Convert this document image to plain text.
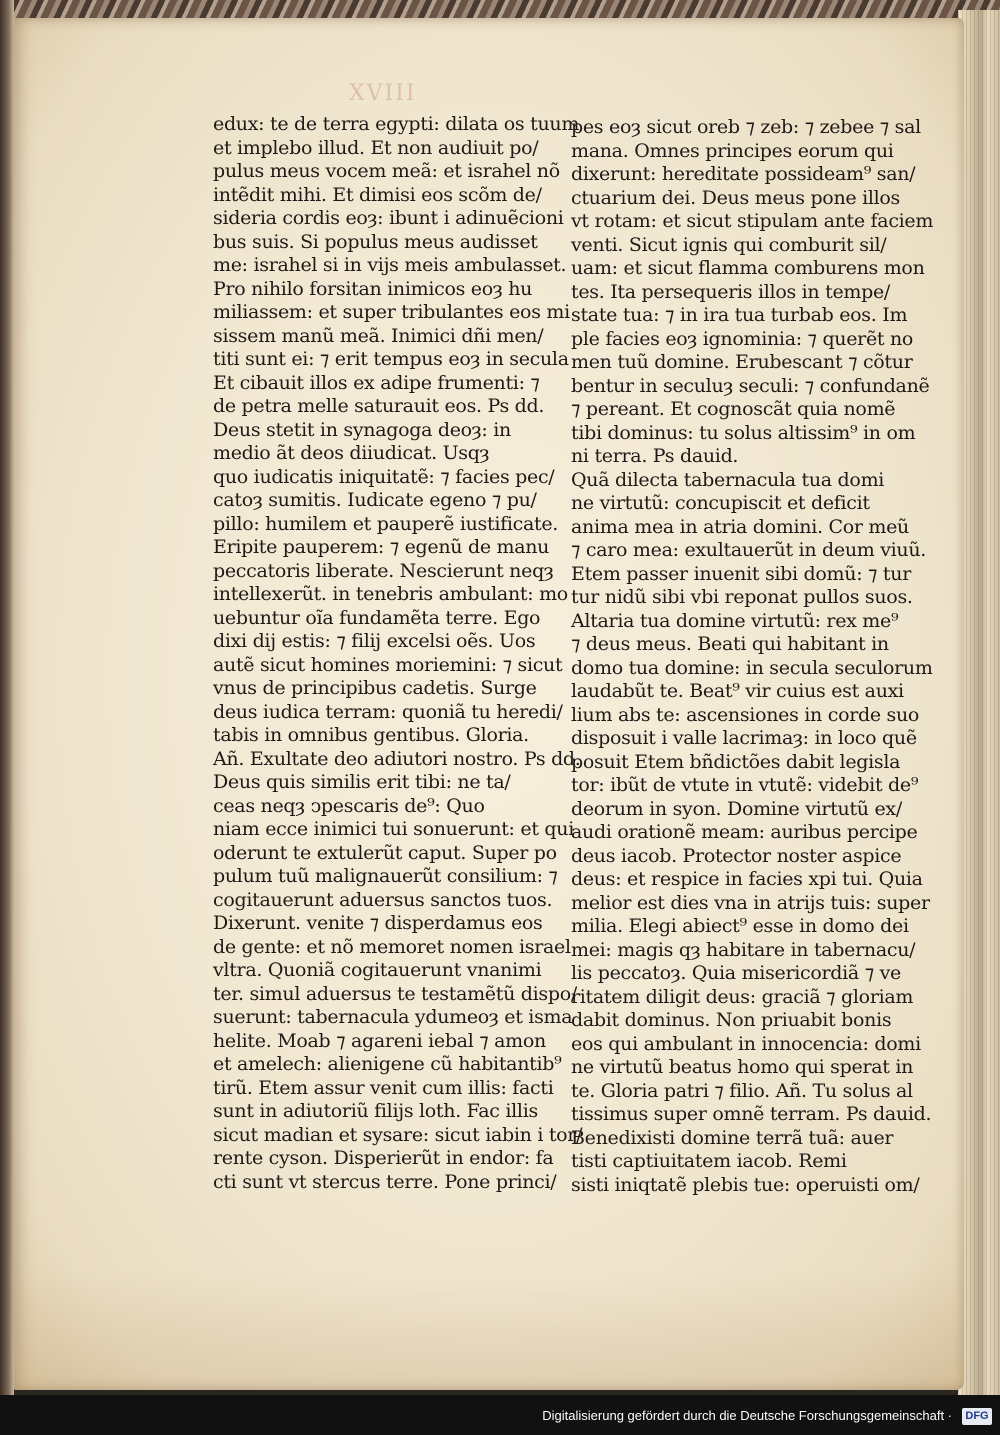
XVIII
edux: te de terra egypti: dilata os tuum
et implebo illud. Et non audiuit po/
pulus meus vocem meã: et israhel nõ
intẽdit mihi. Et dimisi eos scõm de/
sideria cordis eoȝ: ibunt i adinuẽcioni
bus suis. Si populus meus audisset
me: israhel si in vijs meis ambulasset.
Pro nihilo forsitan inimicos eoȝ hu
miliassem: et super tribulantes eos mi
sissem manũ meã. Inimici dñi men/
titi sunt ei: ⁊ erit tempus eoȝ in secula
Et cibauit illos ex adipe frumenti: ⁊
de petra melle saturauit eos. Ps dd.
Deus stetit in synagoga deoȝ: in
medio ãt deos diiudicat. Usqȝ
quo iudicatis iniquitatẽ: ⁊ facies pec/
catoȝ sumitis. Iudicate egeno ⁊ pu/
pillo: humilem et pauperẽ iustificate.
Eripite pauperem: ⁊ egenũ de manu
peccatoris liberate. Nescierunt neqȝ
intellexerũt. in tenebris ambulant: mo
uebuntur oĩa fundamẽta terre. Ego
dixi dij estis: ⁊ filij excelsi oẽs. Uos
autẽ sicut homines moriemini: ⁊ sicut
vnus de principibus cadetis. Surge
deus iudica terram: quoniã tu heredi/
tabis in omnibus gentibus. Gloria.
Añ. Exultate deo adiutori nostro. Ps dd.
Deus quis similis erit tibi: ne ta/
ceas neqȝ ↄpescaris de⁹: Quo
niam ecce inimici tui sonuerunt: et qui
oderunt te extulerũt caput. Super po
pulum tuũ malignauerũt consilium: ⁊
cogitauerunt aduersus sanctos tuos.
Dixerunt. venite ⁊ disperdamus eos
de gente: et nõ memoret nomen israel
vltra. Quoniã cogitauerunt vnanimi
ter. simul aduersus te testamẽtũ dispo/
suerunt: tabernacula ydumeoȝ et isma
helite. Moab ⁊ agareni iebal ⁊ amon
et amelech: alienigene cũ habitantib⁹
tirũ. Etem assur venit cum illis: facti
sunt in adiutoriũ filijs loth. Fac illis
sicut madian et sysare: sicut iabin i tor/
rente cyson. Disperierũt in endor: fa
cti sunt vt stercus terre. Pone princi/
pes eoȝ sicut oreb ⁊ zeb: ⁊ zebee ⁊ sal
mana. Omnes principes eorum qui
dixerunt: hereditate possideam⁹ san/
ctuarium dei. Deus meus pone illos
vt rotam: et sicut stipulam ante faciem
venti. Sicut ignis qui comburit sil/
uam: et sicut flamma comburens mon
tes. Ita persequeris illos in tempe/
state tua: ⁊ in ira tua turbab eos. Im
ple facies eoȝ ignominia: ⁊ querẽt no
men tuũ domine. Erubescant ⁊ cõtur
bentur in seculuȝ seculi: ⁊ confundanẽ
⁊ pereant. Et cognoscãt quia nomẽ
tibi dominus: tu solus altissim⁹ in om
ni terra. Ps dauid.
Quã dilecta tabernacula tua domi
ne virtutũ: concupiscit et deficit
anima mea in atria domini. Cor meũ
⁊ caro mea: exultauerũt in deum viuũ.
Etem passer inuenit sibi domũ: ⁊ tur
tur nidũ sibi vbi reponat pullos suos.
Altaria tua domine virtutũ: rex me⁹
⁊ deus meus. Beati qui habitant in
domo tua domine: in secula seculorum
laudabũt te. Beat⁹ vir cuius est auxi
lium abs te: ascensiones in corde suo
disposuit i valle lacrimaȝ: in loco quẽ
posuit Etem bñdictões dabit legisla
tor: ibũt de vtute in vtutẽ: videbit de⁹
deorum in syon. Domine virtutũ ex/
audi orationẽ meam: auribus percipe
deus iacob. Protector noster aspice
deus: et respice in facies xpi tui. Quia
melior est dies vna in atrijs tuis: super
milia. Elegi abiect⁹ esse in domo dei
mei: magis qȝ habitare in tabernacu/
lis peccatoȝ. Quia misericordiã ⁊ ve
ritatem diligit deus: graciã ⁊ gloriam
dabit dominus. Non priuabit bonis
eos qui ambulant in innocencia: domi
ne virtutũ beatus homo qui sperat in
te. Gloria patri ⁊ filio. Añ. Tu solus al
tissimus super omnẽ terram. Ps dauid.
Benedixisti domine terrã tuã: auer
tisti captiuitatem iacob. Remi
sisti iniqtatẽ plebis tue: operuisti om/
Digitalisierung gefördert durch die Deutsche Forschungsgemeinschaft ·	DFG
